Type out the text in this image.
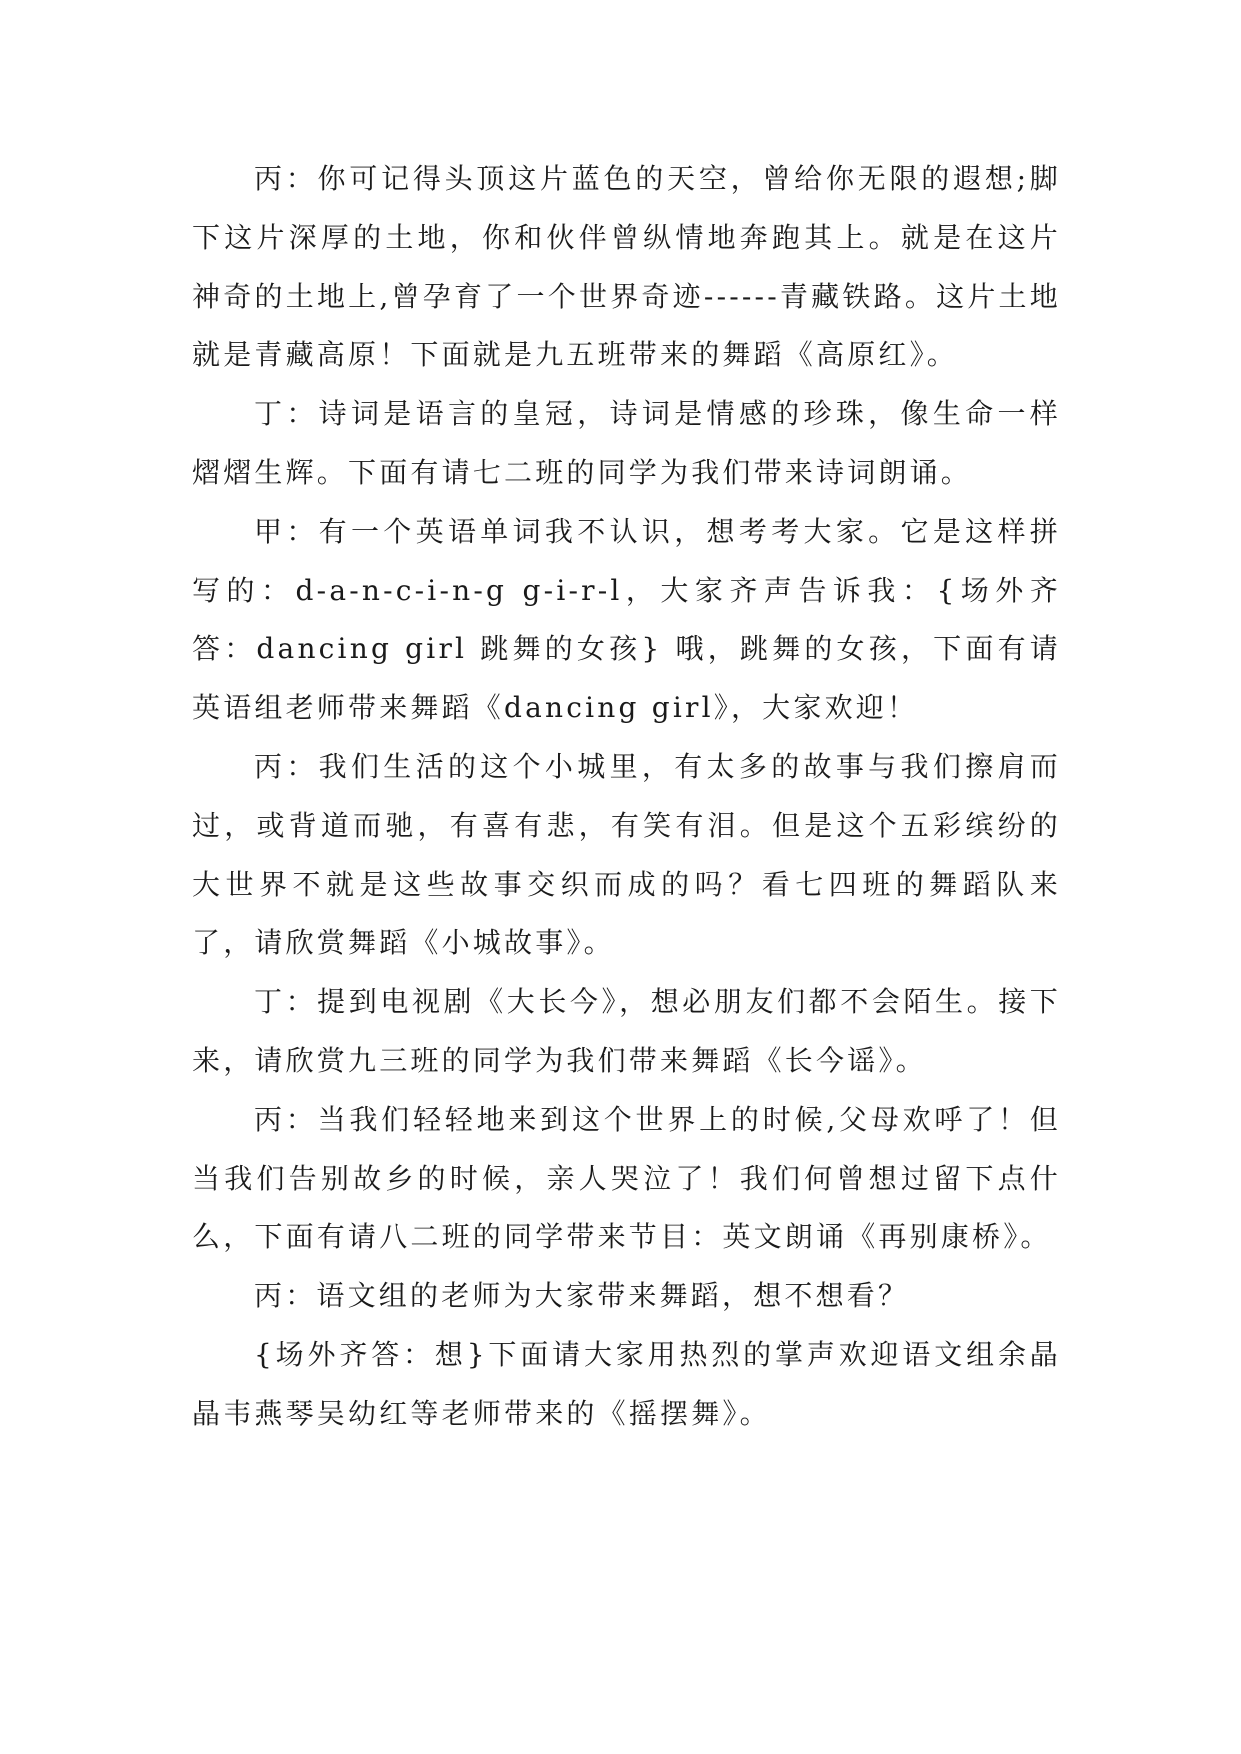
丙：你可记得头顶这片蓝色的天空，曾给你无限的遐想;脚下这片深厚的土地，你和伙伴曾纵情地奔跑其上。就是在这片神奇的土地上,曾孕育了一个世界奇迹------青藏铁路。这片土地就是青藏高原！下面就是九五班带来的舞蹈《高原红》。

丁：诗词是语言的皇冠，诗词是情感的珍珠，像生命一样熠熠生辉。下面有请七二班的同学为我们带来诗词朗诵。

甲：有一个英语单词我不认识，想考考大家。它是这样拼写的：d-a-n-c-i-n-g g-i-r-l，大家齐声告诉我：{场外齐答：dancing girl 跳舞的女孩} 哦，跳舞的女孩，下面有请英语组老师带来舞蹈《dancing girl》，大家欢迎！

丙：我们生活的这个小城里，有太多的故事与我们擦肩而过，或背道而驰，有喜有悲，有笑有泪。但是这个五彩缤纷的大世界不就是这些故事交织而成的吗？看七四班的舞蹈队来了，请欣赏舞蹈《小城故事》。

丁：提到电视剧《大长今》，想必朋友们都不会陌生。接下来，请欣赏九三班的同学为我们带来舞蹈《长今谣》。

丙：当我们轻轻地来到这个世界上的时候,父母欢呼了！但当我们告别故乡的时候，亲人哭泣了！我们何曾想过留下点什么，下面有请八二班的同学带来节目：英文朗诵《再别康桥》。

丙：语文组的老师为大家带来舞蹈，想不想看？

{场外齐答：想}下面请大家用热烈的掌声欢迎语文组余晶晶韦燕琴吴幼红等老师带来的《摇摆舞》。
